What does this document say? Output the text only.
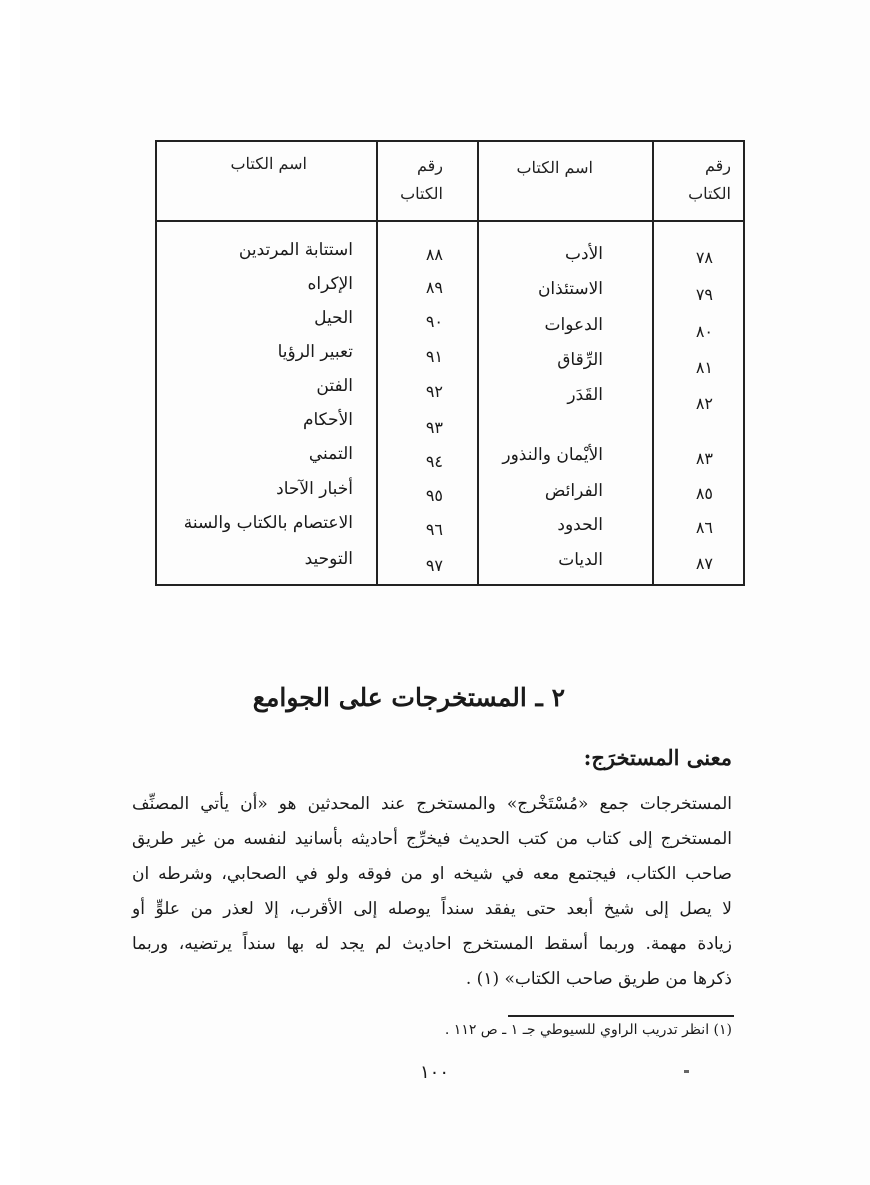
رقم
الكتاب
اسم الكتاب
رقم
الكتاب
اسم الكتاب
٧٨
الأدب
٧٩
الاستئذان
٨٠
الدعوات
٨١
الرِّقاق
٨٢
القَدَر
٨٣
الأيْمان والنذور
٨٥
الفرائض
٨٦
الحدود
٨٧
الديات
٨٨
استتابة المرتدين
٨٩
الإكراه
٩٠
الحيل
٩١
تعبير الرؤيا
٩٢
الفتن
٩٣
الأحكام
٩٤
التمني
٩٥
أخبار الآحاد
٩٦
الاعتصام بالكتاب والسنة
٩٧
التوحيد
٢ ـ المستخرجات على الجوامع
معنى المستخرَج:
المستخرجات جمع «مُسْتَخْرج» والمستخرج عند المحدثين هو «أن يأتي المصنِّف
المستخرج إلى كتاب من كتب الحديث فيخرِّج أحاديثه بأسانيد لنفسه من غير طريق
صاحب الكتاب، فيجتمع معه في شيخه او من فوقه ولو في الصحابي، وشرطه ان
لا يصل إلى شيخ أبعد حتى يفقد سنداً يوصله إلى الأقرب، إلا لعذر من علوٍّ أو
زيادة مهمة. وربما أسقط المستخرج احاديث لم يجد له بها سنداً يرتضيه، وربما
ذكرها من طريق صاحب الكتاب» (١) .
(١) انظر تدريب الراوي للسيوطي جـ ١ ـ ص ١١٢ .
١٠٠
